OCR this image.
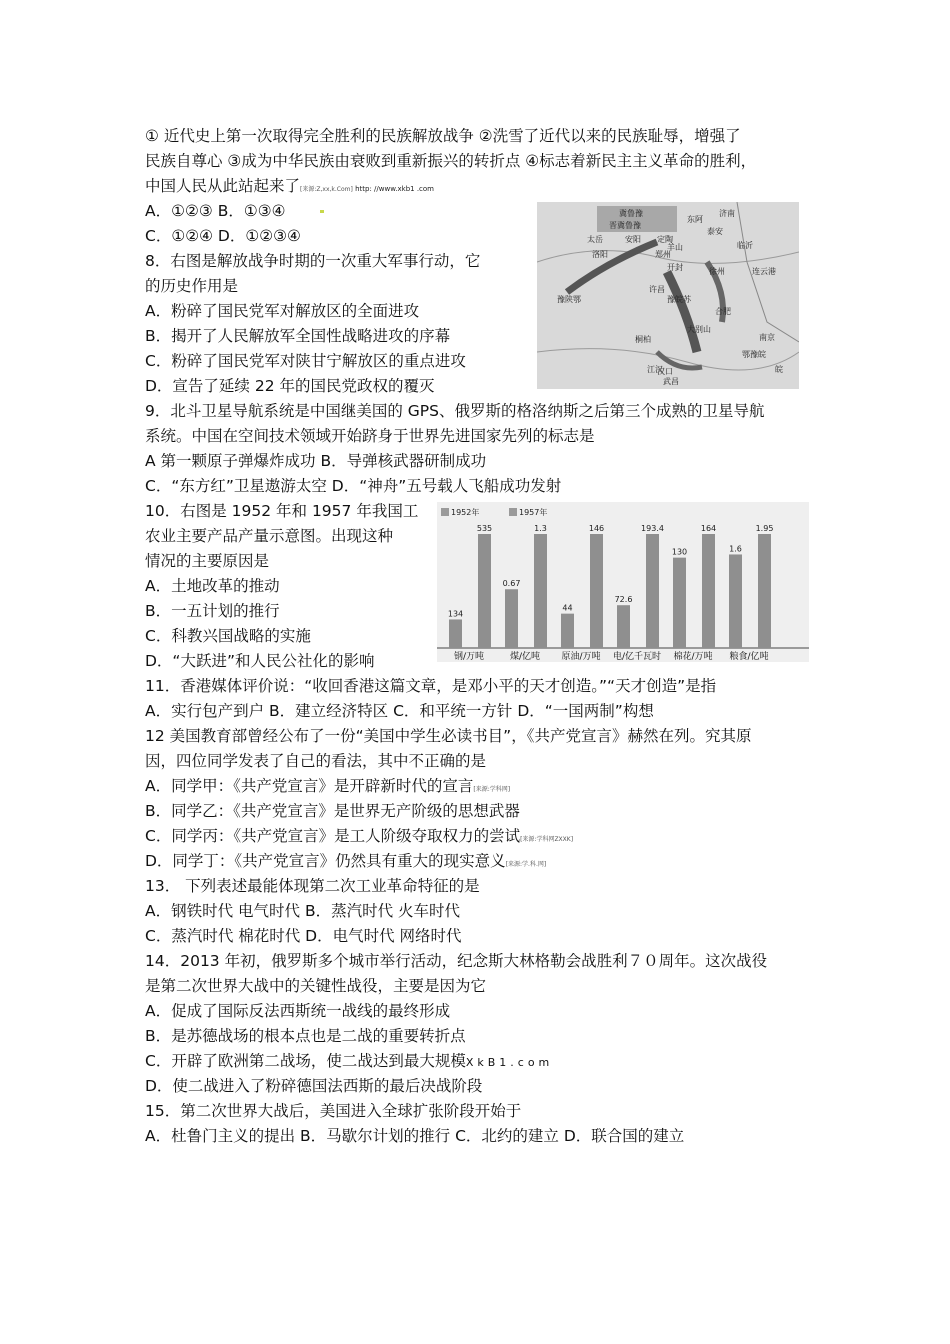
① 近代史上第一次取得完全胜利的民族解放战争 ②洗雪了近代以来的民族耻辱，增强了
民族自尊心 ③成为中华民族由衰败到重新振兴的转折点 ④标志着新民主主义革命的胜利，
中国人民从此站起来了[来源:Z,xx,k.Com] http: //www.xkb1 .com
A．①②③ B．①③④
C．①②④ D．①②③④
8．右图是解放战争时期的一次重大军事行动，它
的历史作用是
A．粉碎了国民党军对解放区的全面进攻
B．揭开了人民解放军全国性战略进攻的序幕
C．粉碎了国民党军对陕甘宁解放区的重点进攻
D．宣告了延续 22 年的国民党政权的覆灭
9．北斗卫星导航系统是中国继美国的 GPS、俄罗斯的格洛纳斯之后第三个成熟的卫星导航
系统。中国在空间技术领域开始跻身于世界先进国家先列的标志是
A 第一颗原子弹爆炸成功 B．导弹核武器研制成功
C．“东方红”卫星遨游太空 D．“神舟”五号载人飞船成功发射
10．右图是 1952 年和 1957 年我国工
农业主要产品产量示意图。出现这种
情况的主要原因是
A．土地改革的推动
B．一五计划的推行
C．科教兴国战略的实施
D．“大跃进”和人民公社化的影响
11．香港媒体评价说：“收回香港这篇文章，是邓小平的天才创造。”“天才创造”是指
A．实行包产到户 B．建立经济特区 C．和平统一方针 D．“一国两制”构想
12 美国教育部曾经公布了一份“美国中学生必读书目”，《共产党宣言》赫然在列。究其原
因，四位同学发表了自己的看法，其中不正确的是
A．同学甲：《共产党宣言》是开辟新时代的宣言[来源:学科网]
B．同学乙：《共产党宣言》是世界无产阶级的思想武器
C．同学丙：《共产党宣言》是工人阶级夺取权力的尝试[来源:学科网ZXXK]
D．同学丁：《共产党宣言》仍然具有重大的现实意义[来源:学.科.网]
13． 下列表述最能体现第二次工业革命特征的是
A．钢铁时代 电气时代 B．蒸汽时代 火车时代
C．蒸汽时代 棉花时代 D．电气时代 网络时代
14．2013 年初，俄罗斯多个城市举行活动，纪念斯大林格勒会战胜利７０周年。这次战役
是第二次世界大战中的关键性战役，主要是因为它
A．促成了国际反法西斯统一战线的最终形成
B．是苏德战场的根本点也是二战的重要转折点
C．开辟了欧洲第二战场，使二战达到最大规模XkB1.com
D．使二战进入了粉碎德国法西斯的最后决战阶段
15．第二次世界大战后，美国进入全球扩张阶段开始于
A．杜鲁门主义的提出 B．马歇尔计划的推行 C．北约的建立 D．联合国的建立
冀鲁豫
晋冀鲁豫
太岳	安阳
东阿
泰安
临沂
济南
郑州
开封
定陶
羊山
徐州	连云港
洛阳
许昌
豫皖苏
豫陕鄂
桐柏
大别山
江汉
鄂豫皖
汉口
武昌
合肥
南京
皖
1952年	1957年
134
535
钢/万吨
0.67
1.3
煤/亿吨
44
146
原油/万吨
72.6
193.4
电/亿千瓦时
130
164
棉花/万吨
1.6
1.95
粮食/亿吨
